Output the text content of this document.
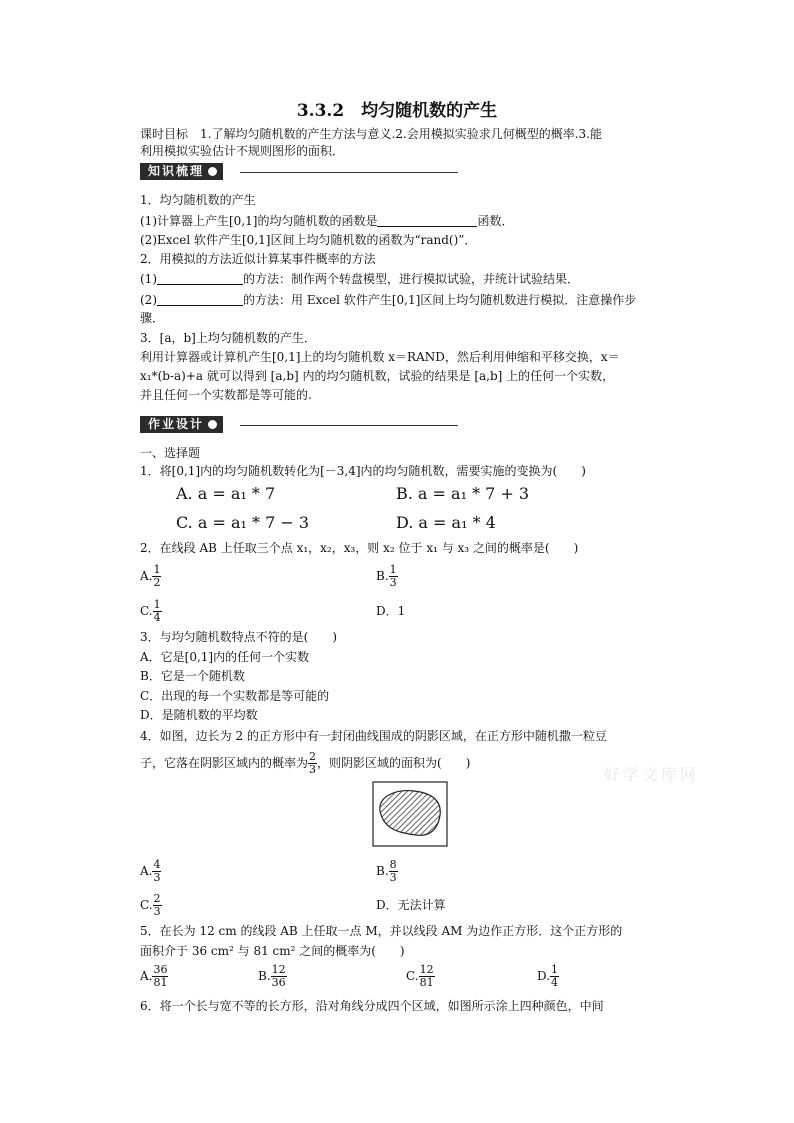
3.3.2　均匀随机数的产生
课时目标　1.了解均匀随机数的产生方法与意义.2.会用模拟实验求几何概型的概率.3.能
利用模拟实验估计不规则图形的面积．
知识梳理
1．均匀随机数的产生
(1)计算器上产生[0,1]的均匀随机数的函数是	函数．
(2)Excel 软件产生[0,1]区间上均匀随机数的函数为“rand()”．
2．用模拟的方法近似计算某事件概率的方法
(1)	的方法：制作两个转盘模型，进行模拟试验，并统计试验结果．
(2)	的方法：用 Excel 软件产生[0,1]区间上均匀随机数进行模拟．注意操作步
骤．
3．[a，b]上均匀随机数的产生．
利用计算器或计算机产生[0,1]上的均匀随机数 x＝RAND，然后利用伸缩和平移交换，x＝
x₁*(b-a)+a 就可以得到 [a,b] 内的均匀随机数，试验的结果是 [a,b] 上的任何一个实数，
并且任何一个实数都是等可能的.
作业设计
一、选择题
1．将[0,1]内的均匀随机数转化为[－3,4]内的均匀随机数，需要实施的变换为(　　)
A. a = a₁ * 7	B. a = a₁ * 7 + 3
C. a = a₁ * 7 − 3	D. a = a₁ * 4
2．在线段 AB 上任取三个点 x₁，x₂，x₃，则 x₂ 位于 x₁ 与 x₃ 之间的概率是(　　)
A. $\frac{1}{2}$	B. $\frac{1}{3}$
C. $\frac{1}{4}$	D．1
3．与均匀随机数特点不符的是(　　)
A．它是[0,1]内的任何一个实数
B．它是一个随机数
C．出现的每一个实数都是等可能的
D．是随机数的平均数
4．如图，边长为 2 的正方形中有一封闭曲线围成的阴影区域，在正方形中随机撒一粒豆
子，它落在阴影区域内的概率为 $\frac{2}{3}$ ，则阴影区域的面积为(　　)
A. $\frac{4}{3}$	B. $\frac{8}{3}$
C. $\frac{2}{3}$	D．无法计算
5．在长为 12 cm 的线段 AB 上任取一点 M，并以线段 AM 为边作正方形．这个正方形的
面积介于 36 cm² 与 81 cm² 之间的概率为(　　)
A. $\frac{36}{81}$	B. $\frac{12}{36}$	C. $\frac{12}{81}$	D. $\frac{1}{4}$
6．将一个长与宽不等的长方形，沿对角线分成四个区域，如图所示涂上四种颜色，中间
好学文库网
